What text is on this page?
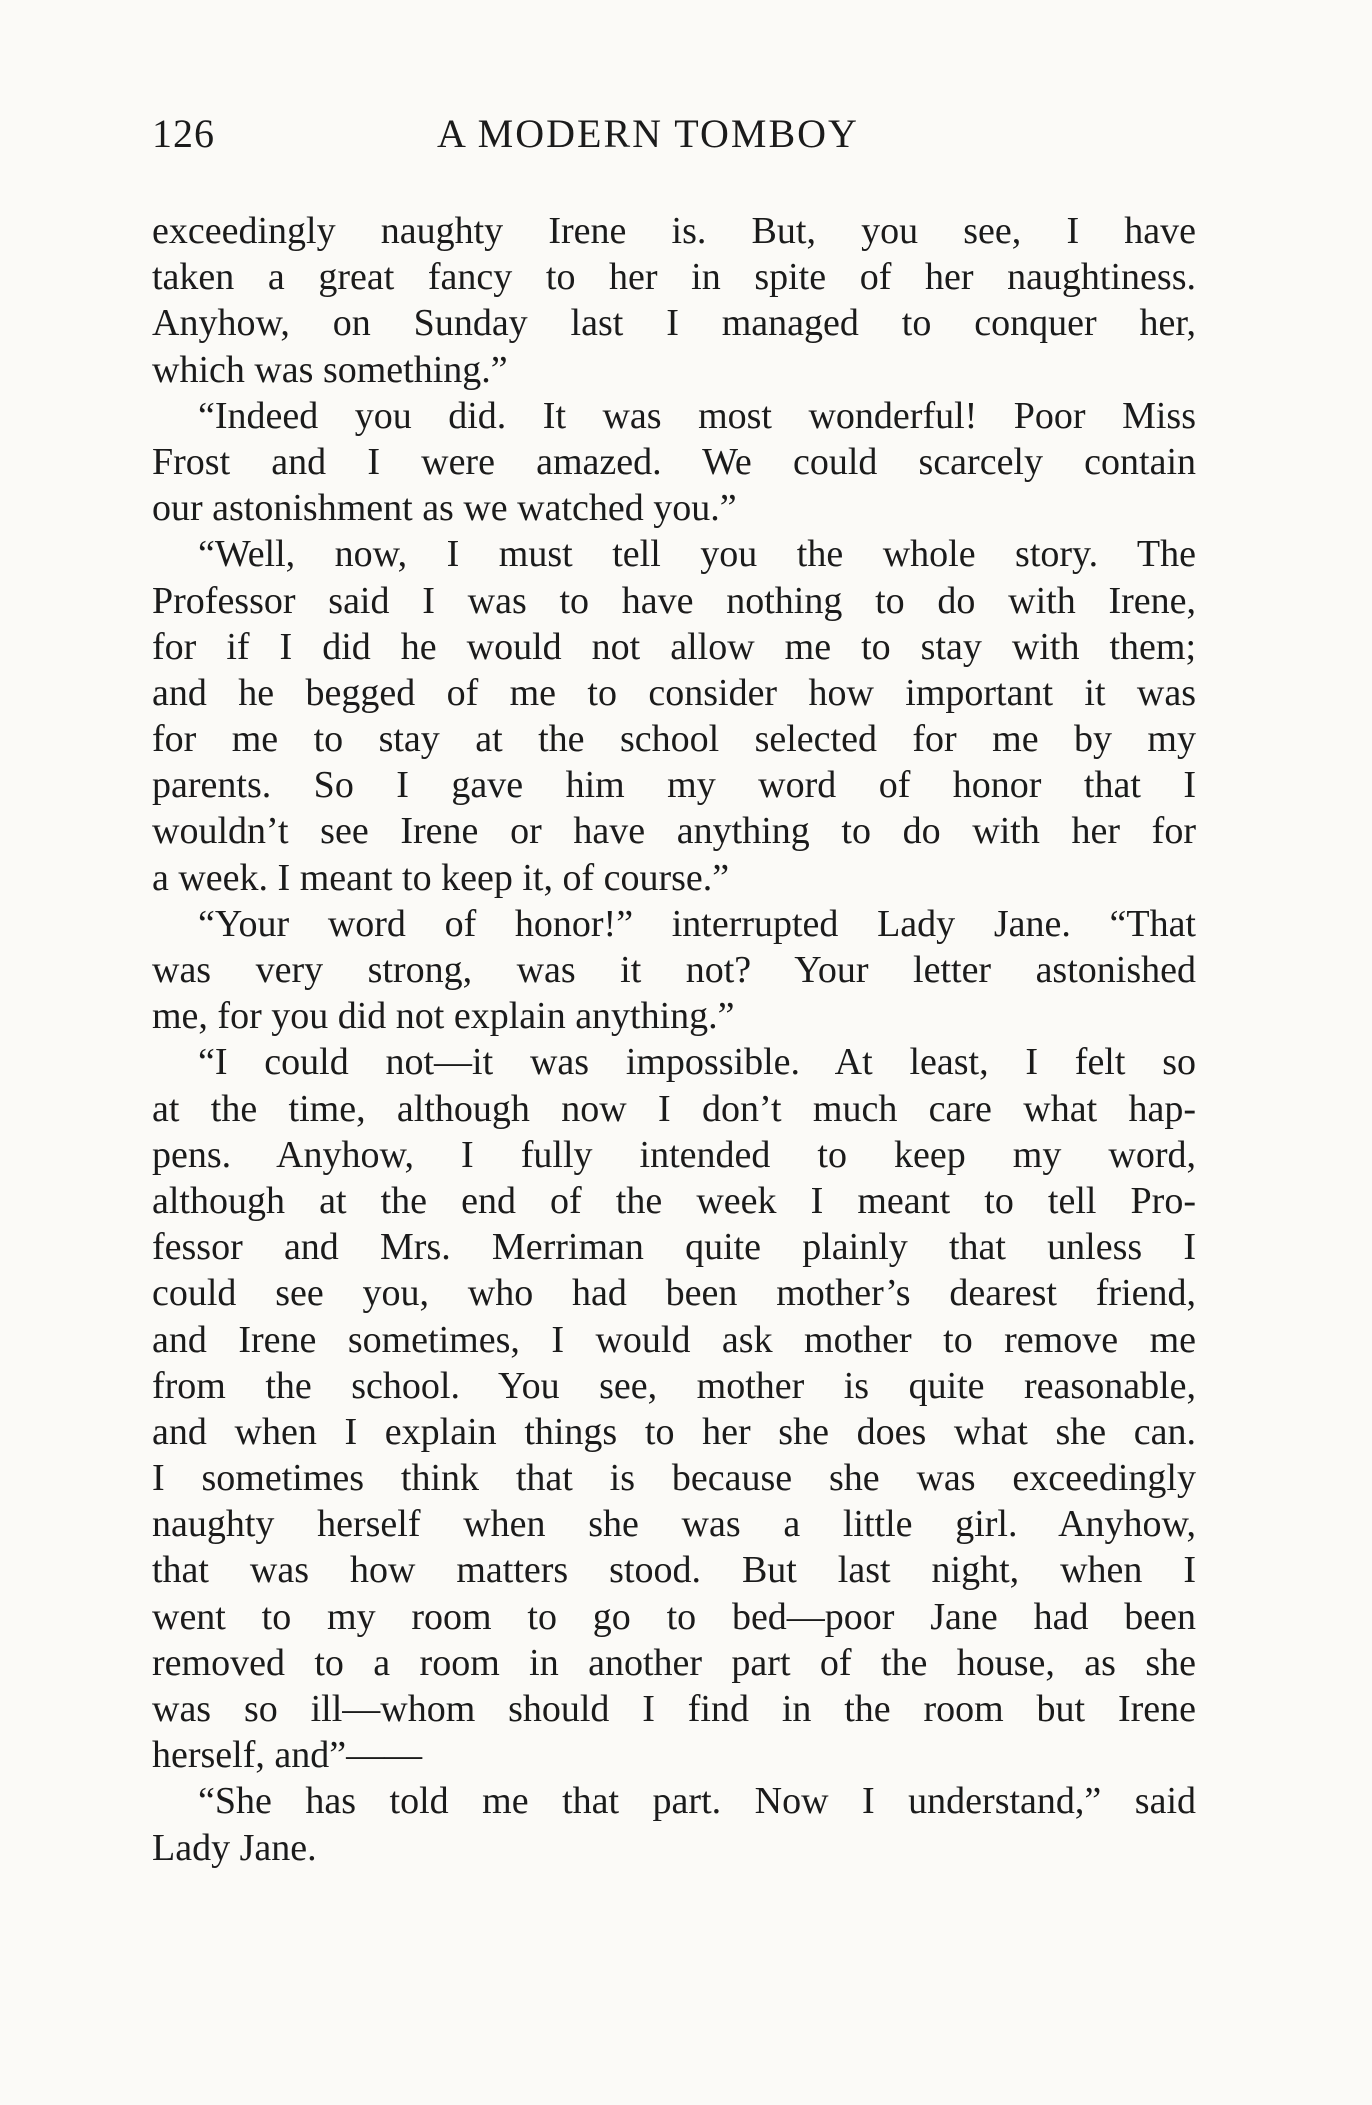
126	A MODERN TOMBOY
exceedingly naughty Irene is. But, you see, I have
taken a great fancy to her in spite of her naughtiness.
Anyhow, on Sunday last I managed to conquer her,
which was something.”
“Indeed you did. It was most wonderful! Poor Miss
Frost and I were amazed. We could scarcely contain
our astonishment as we watched you.”
“Well, now, I must tell you the whole story. The
Professor said I was to have nothing to do with Irene,
for if I did he would not allow me to stay with them;
and he begged of me to consider how important it was
for me to stay at the school selected for me by my
parents. So I gave him my word of honor that I
wouldn’t see Irene or have anything to do with her for
a week. I meant to keep it, of course.”
“Your word of honor!” interrupted Lady Jane. “That
was very strong, was it not? Your letter astonished
me, for you did not explain anything.”
“I could not—it was impossible. At least, I felt so
at the time, although now I don’t much care what hap-
pens. Anyhow, I fully intended to keep my word,
although at the end of the week I meant to tell Pro-
fessor and Mrs. Merriman quite plainly that unless I
could see you, who had been mother’s dearest friend,
and Irene sometimes, I would ask mother to remove me
from the school. You see, mother is quite reasonable,
and when I explain things to her she does what she can.
I sometimes think that is because she was exceedingly
naughty herself when she was a little girl. Anyhow,
that was how matters stood. But last night, when I
went to my room to go to bed—poor Jane had been
removed to a room in another part of the house, as she
was so ill—whom should I find in the room but Irene
herself, and”——
“She has told me that part. Now I understand,” said
Lady Jane.
